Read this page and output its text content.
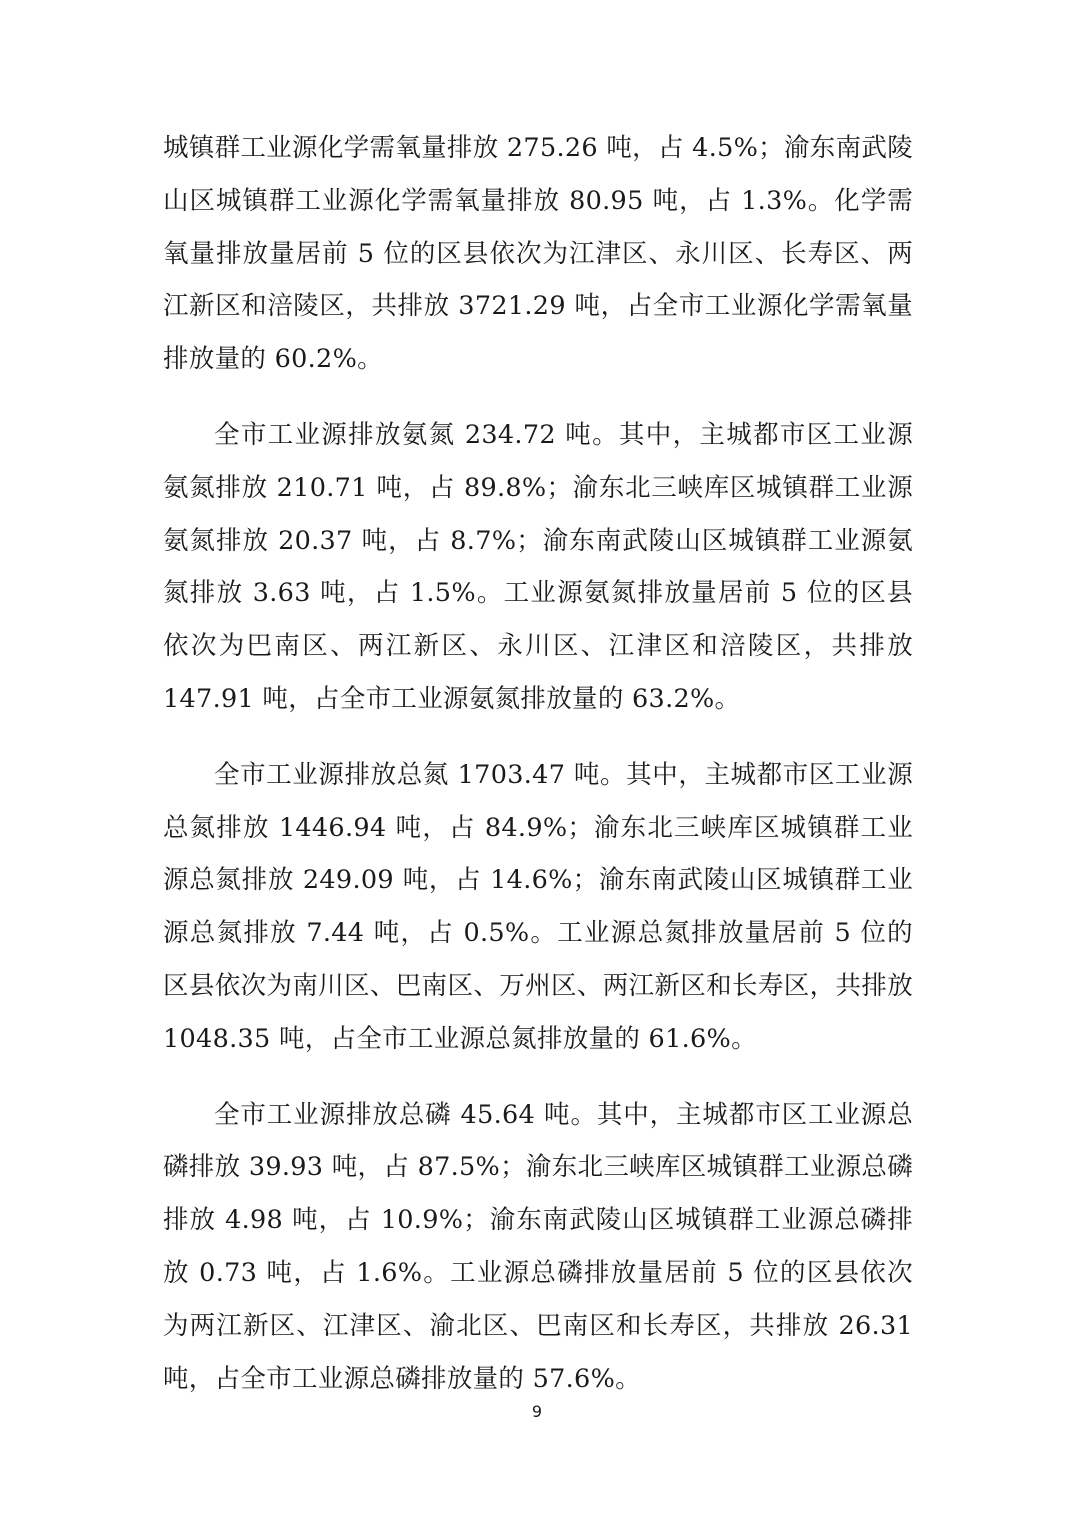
城镇群工业源化学需氧量排放 275.26 吨，占 4.5%；渝东南武陵山区城镇群工业源化学需氧量排放 80.95 吨，占 1.3%。化学需氧量排放量居前 5 位的区县依次为江津区、永川区、长寿区、两江新区和涪陵区，共排放 3721.29 吨，占全市工业源化学需氧量排放量的 60.2%。

全市工业源排放氨氮 234.72 吨。其中，主城都市区工业源氨氮排放 210.71 吨，占 89.8%；渝东北三峡库区城镇群工业源氨氮排放 20.37 吨，占 8.7%；渝东南武陵山区城镇群工业源氨氮排放 3.63 吨，占 1.5%。工业源氨氮排放量居前 5 位的区县依次为巴南区、两江新区、永川区、江津区和涪陵区，共排放 147.91 吨，占全市工业源氨氮排放量的 63.2%。

全市工业源排放总氮 1703.47 吨。其中，主城都市区工业源总氮排放 1446.94 吨，占 84.9%；渝东北三峡库区城镇群工业源总氮排放 249.09 吨，占 14.6%；渝东南武陵山区城镇群工业源总氮排放 7.44 吨，占 0.5%。工业源总氮排放量居前 5 位的区县依次为南川区、巴南区、万州区、两江新区和长寿区，共排放 1048.35 吨，占全市工业源总氮排放量的 61.6%。

全市工业源排放总磷 45.64 吨。其中，主城都市区工业源总磷排放 39.93 吨，占 87.5%；渝东北三峡库区城镇群工业源总磷排放 4.98 吨，占 10.9%；渝东南武陵山区城镇群工业源总磷排放 0.73 吨，占 1.6%。工业源总磷排放量居前 5 位的区县依次为两江新区、江津区、渝北区、巴南区和长寿区，共排放 26.31 吨，占全市工业源总磷排放量的 57.6%。

9
